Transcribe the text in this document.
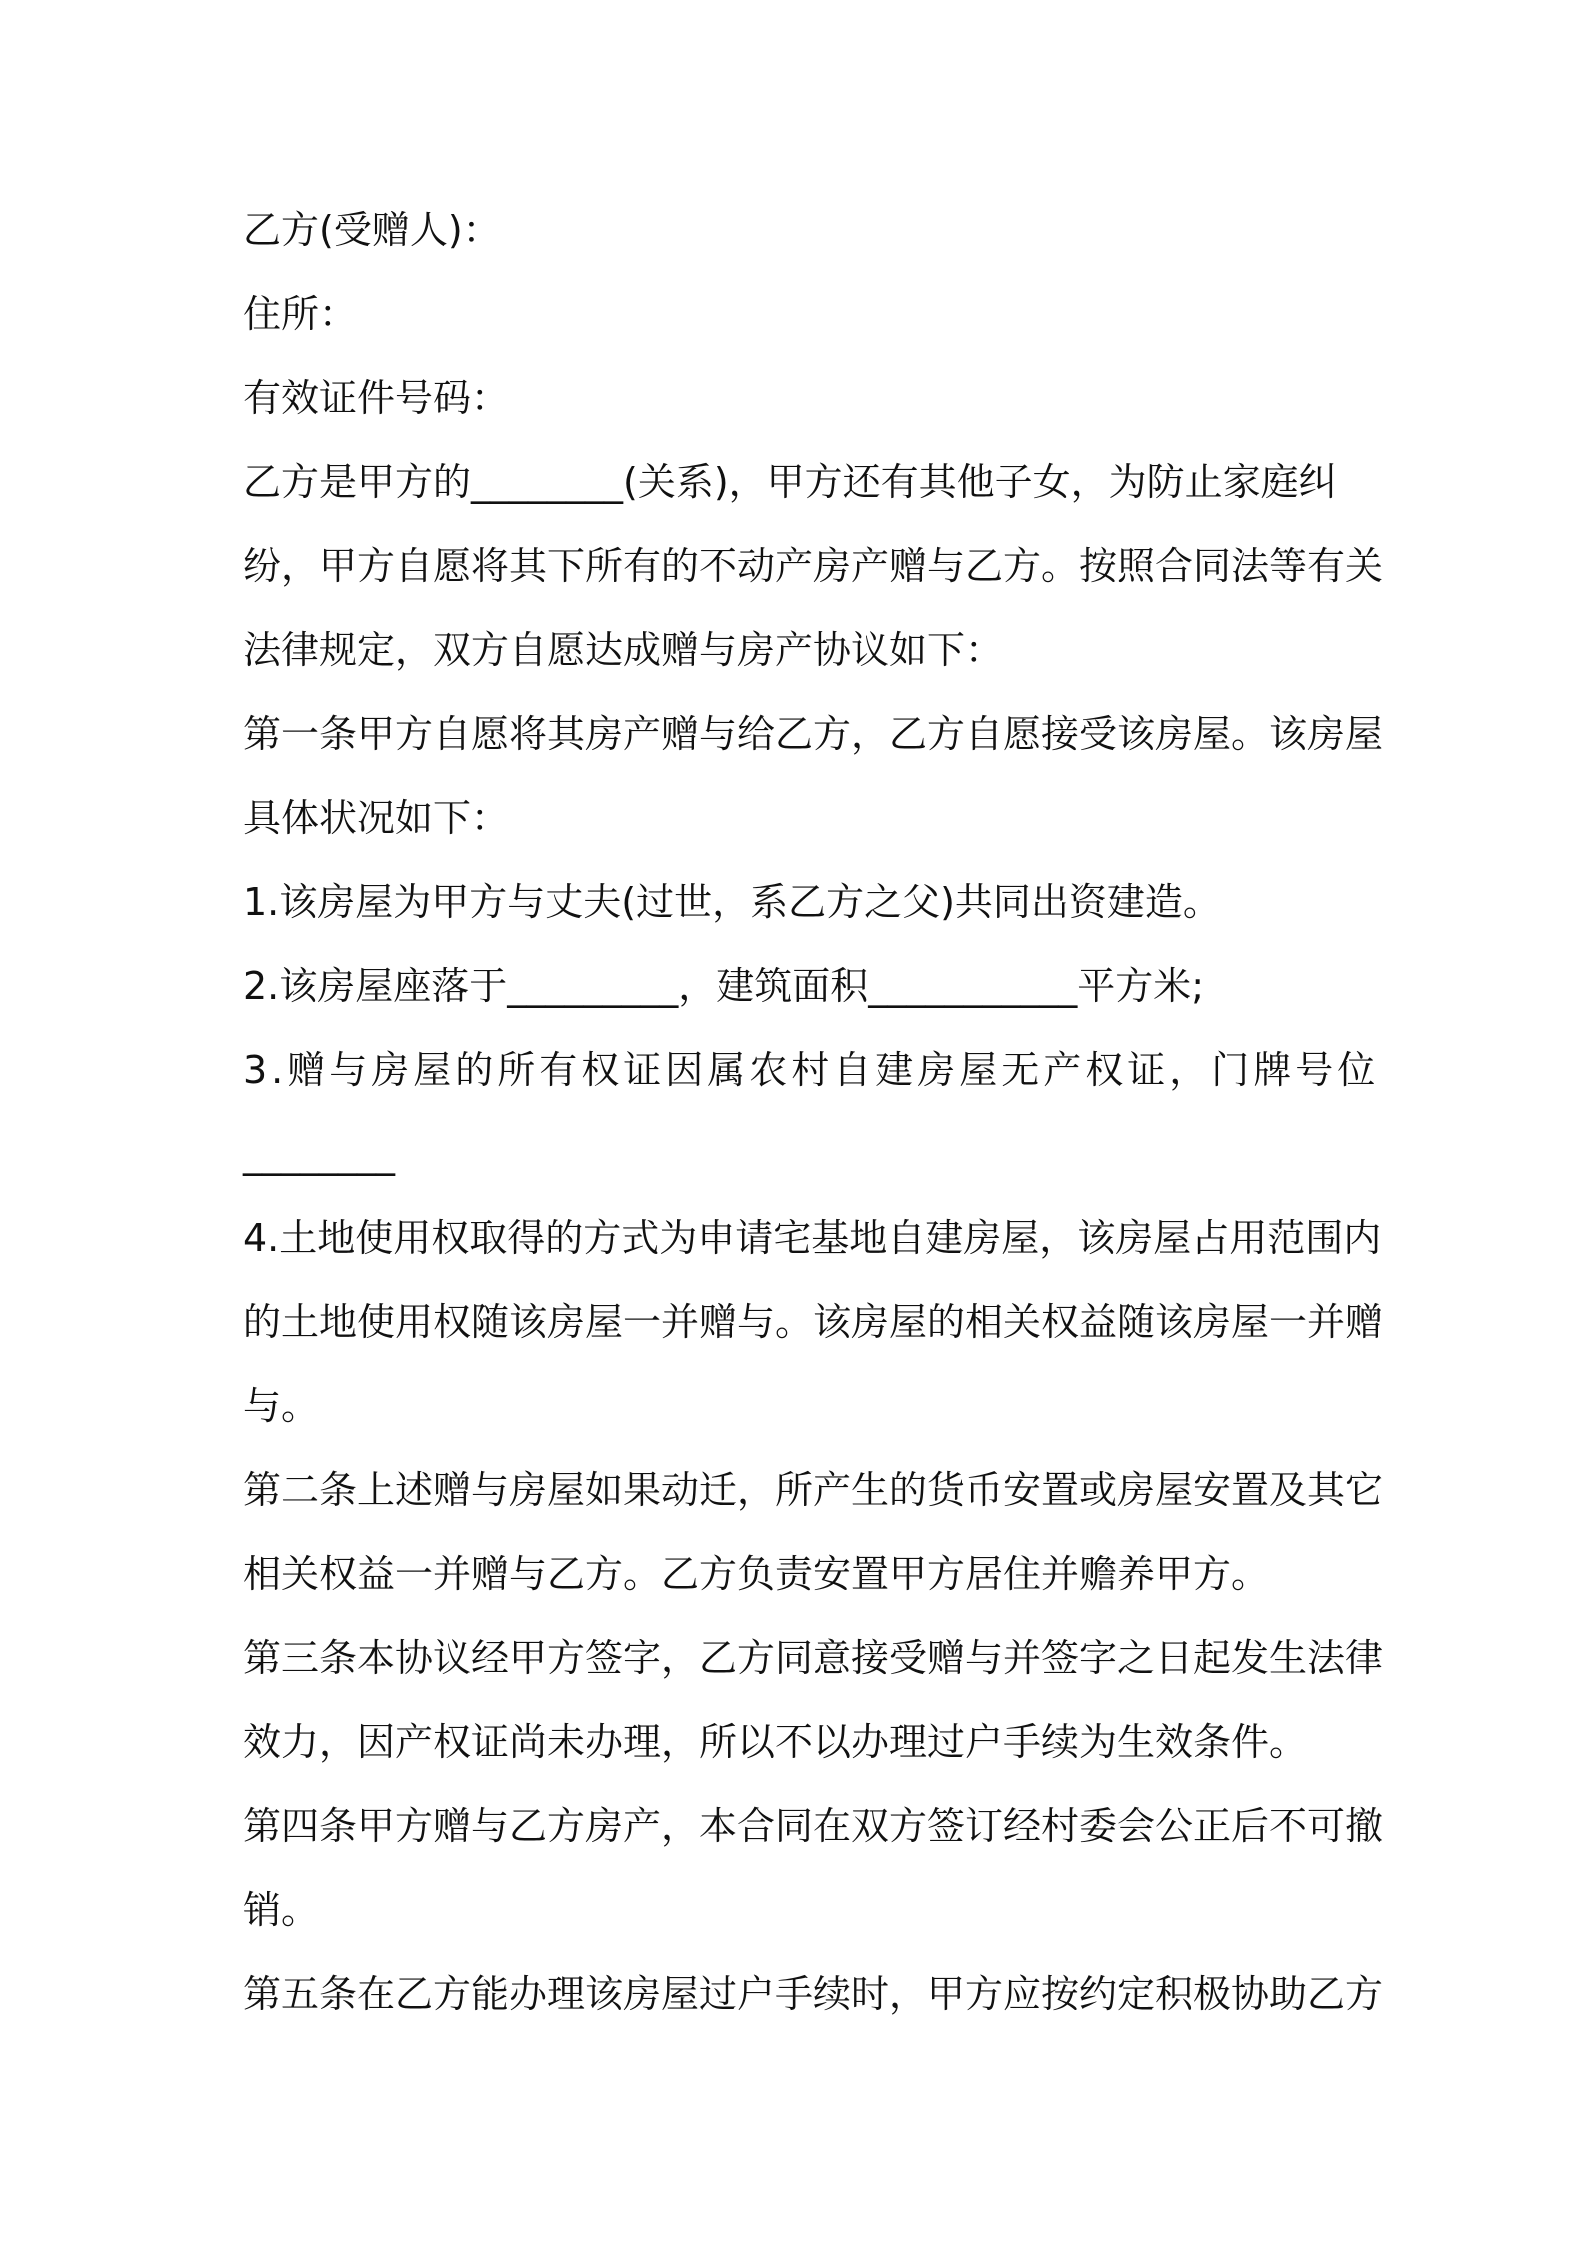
乙方(受赠人)：
住所：
有效证件号码：
乙方是甲方的________(关系)，甲方还有其他子女，为防止家庭纠
纷，甲方自愿将其下所有的不动产房产赠与乙方。按照合同法等有关
法律规定，双方自愿达成赠与房产协议如下：
第一条甲方自愿将其房产赠与给乙方，乙方自愿接受该房屋。该房屋
具体状况如下：
1.该房屋为甲方与丈夫(过世，系乙方之父)共同出资建造。
2.该房屋座落于_________，建筑面积___________平方米;
3.赠与房屋的所有权证因属农村自建房屋无产权证，门牌号位
________
4.土地使用权取得的方式为申请宅基地自建房屋，该房屋占用范围内
的土地使用权随该房屋一并赠与。该房屋的相关权益随该房屋一并赠
与。
第二条上述赠与房屋如果动迁，所产生的货币安置或房屋安置及其它
相关权益一并赠与乙方。乙方负责安置甲方居住并赡养甲方。
第三条本协议经甲方签字，乙方同意接受赠与并签字之日起发生法律
效力，因产权证尚未办理，所以不以办理过户手续为生效条件。
第四条甲方赠与乙方房产，本合同在双方签订经村委会公正后不可撤
销。
第五条在乙方能办理该房屋过户手续时，甲方应按约定积极协助乙方
